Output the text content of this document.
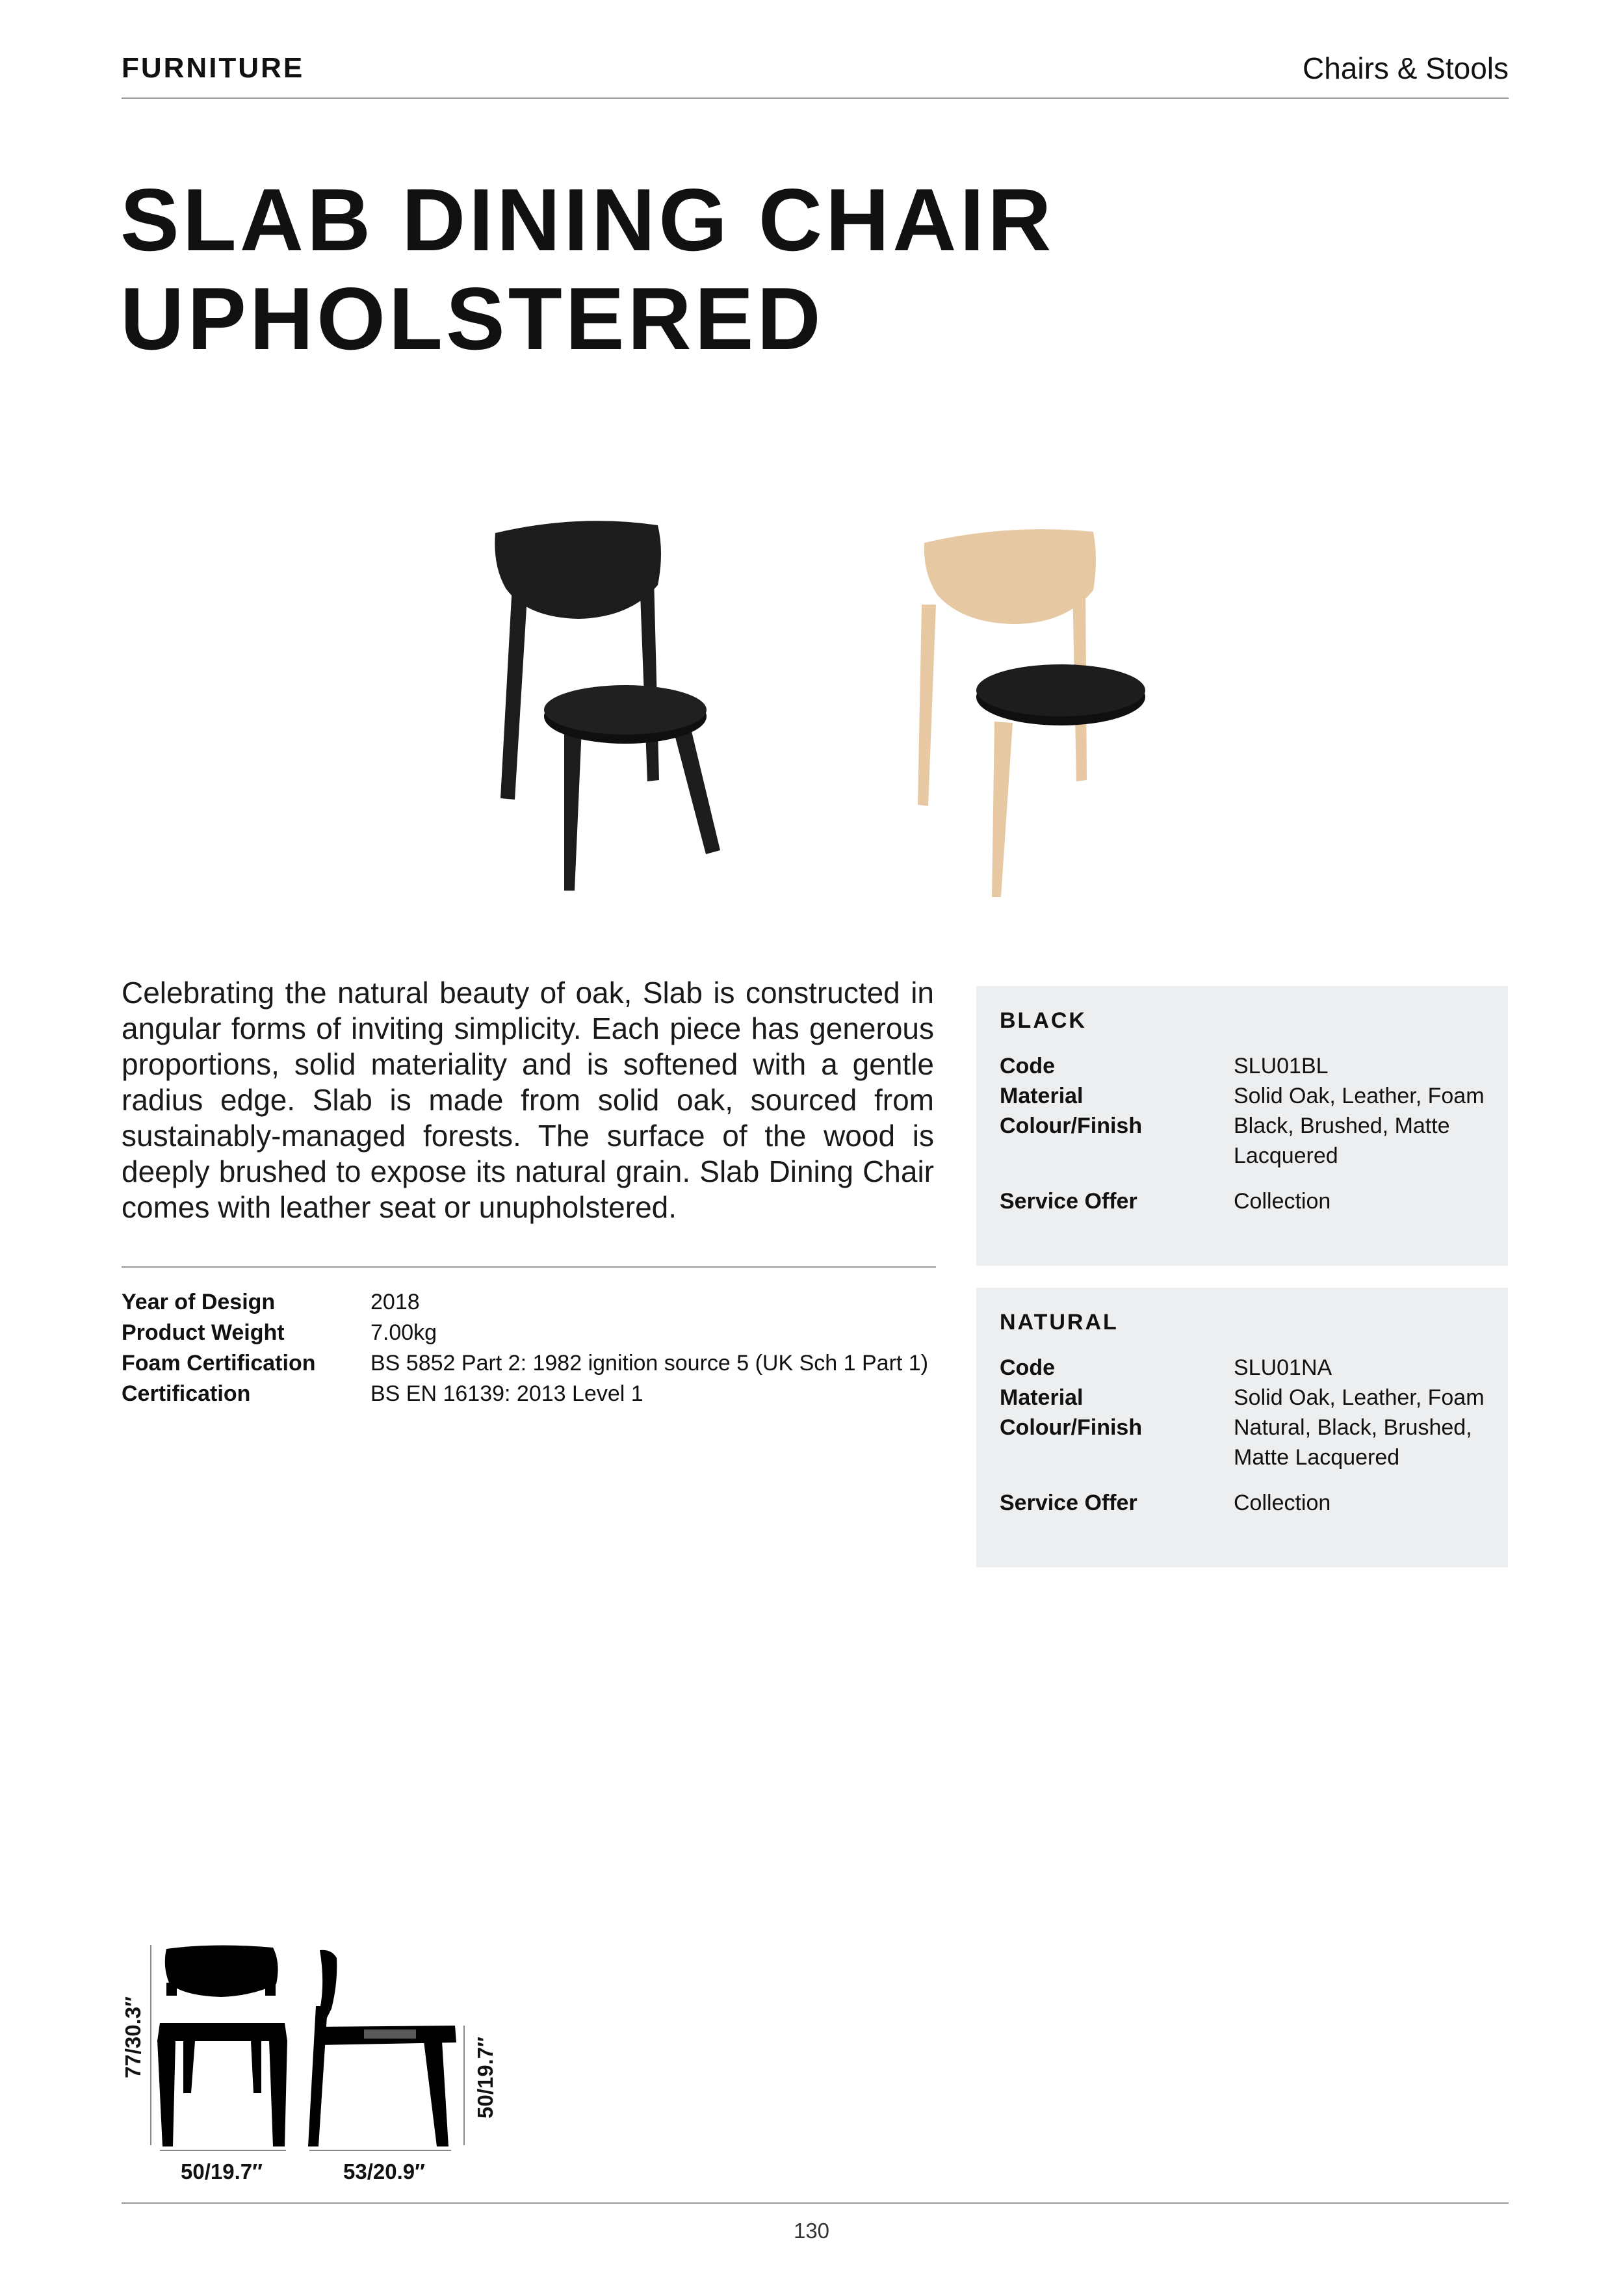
FURNITURE	Chairs & Stools
SLAB DINING CHAIR
UPHOLSTERED

Celebrating the natural beauty of oak, Slab is constructed in angular forms of inviting simplicity. Each piece has generous proportions, solid materiality and is softened with a gentle radius edge. Slab is made from solid oak, sourced from sustainably-managed forests. The surface of the wood is deeply brushed to expose its natural grain. Slab Dining Chair comes with leather seat or unupholstered.

Year of Design	2018
Product Weight	7.00kg
Foam Certification	BS 5852 Part 2: 1982 ignition source 5 (UK Sch 1 Part 1)
Certification	BS EN 16139: 2013 Level 1
BLACK
Code	SLU01BL
Material	Solid Oak, Leather, Foam
Colour/Finish	Black, Brushed, Matte Lacquered
Service Offer	Collection
NATURAL
Code	SLU01NA
Material	Solid Oak, Leather, Foam
Colour/Finish	Natural, Black, Brushed, Matte Lacquered
Service Offer	Collection
77/30.3″
50/19.7″	53/20.9″
50/19.7″
130
